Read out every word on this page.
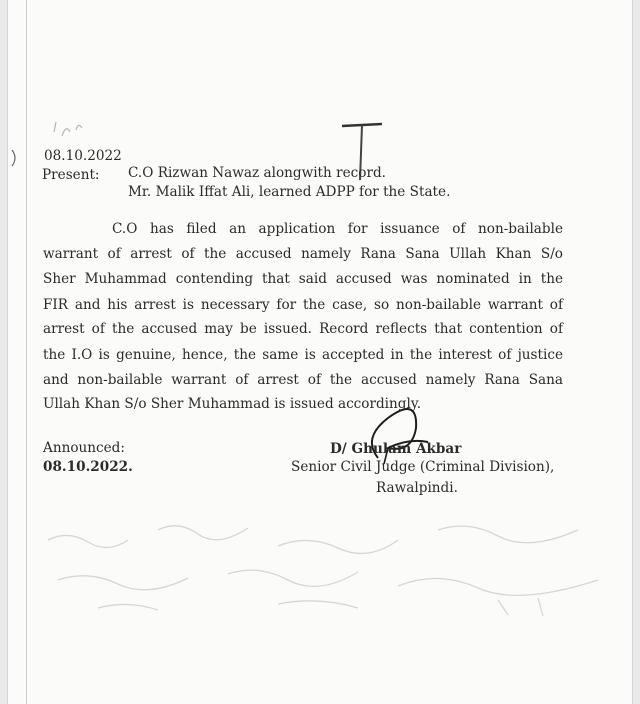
08.10.2022
Present: C.O Rizwan Nawaz alongwith record.
Mr. Malik Iffat Ali, learned ADPP for the State.
C.O has filed an application for issuance of non-bailable
warrant of arrest of the accused namely Rana Sana Ullah Khan S/o
Sher Muhammad contending that said accused was nominated in the
FIR and his arrest is necessary for the case, so non-bailable warrant of
arrest of the accused may be issued. Record reflects that contention of
the I.O is genuine, hence, the same is accepted in the interest of justice
and non-bailable warrant of arrest of the accused namely Rana Sana
Ullah Khan S/o Sher Muhammad is issued accordingly.
Announced:
08.10.2022.
D/ Ghulam Akbar
Senior Civil Judge (Criminal Division),
Rawalpindi.
